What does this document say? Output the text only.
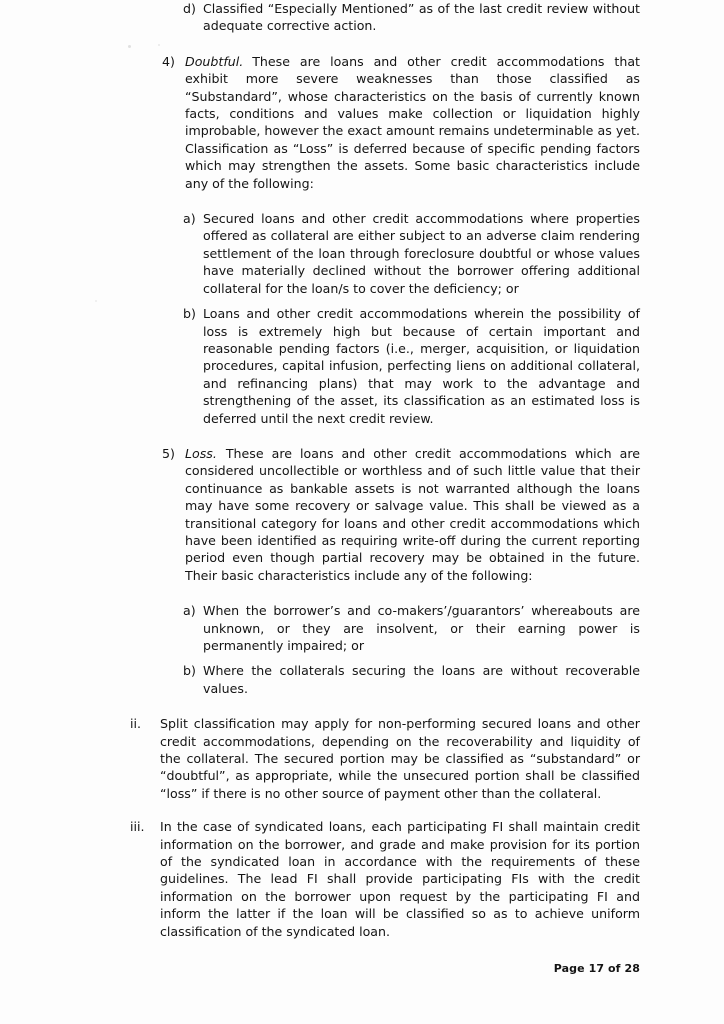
d) Classified “Especially Mentioned” as of the last credit review without adequate corrective action.
4) Doubtful. These are loans and other credit accommodations that exhibit more severe weaknesses than those classified as “Substandard”, whose characteristics on the basis of currently known facts, conditions and values make collection or liquidation highly improbable, however the exact amount remains undeterminable as yet. Classification as “Loss” is deferred because of specific pending factors which may strengthen the assets. Some basic characteristics include any of the following:
a) Secured loans and other credit accommodations where properties offered as collateral are either subject to an adverse claim rendering settlement of the loan through foreclosure doubtful or whose values have materially declined without the borrower offering additional collateral for the loan/s to cover the deficiency; or
b) Loans and other credit accommodations wherein the possibility of loss is extremely high but because of certain important and reasonable pending factors (i.e., merger, acquisition, or liquidation procedures, capital infusion, perfecting liens on additional collateral, and refinancing plans) that may work to the advantage and strengthening of the asset, its classification as an estimated loss is deferred until the next credit review.
5) Loss. These are loans and other credit accommodations which are considered uncollectible or worthless and of such little value that their continuance as bankable assets is not warranted although the loans may have some recovery or salvage value. This shall be viewed as a transitional category for loans and other credit accommodations which have been identified as requiring write-off during the current reporting period even though partial recovery may be obtained in the future. Their basic characteristics include any of the following:
a) When the borrower’s and co-makers’/guarantors’ whereabouts are unknown, or they are insolvent, or their earning power is permanently impaired; or
b) Where the collaterals securing the loans are without recoverable values.
ii.	Split classification may apply for non-performing secured loans and other credit accommodations, depending on the recoverability and liquidity of the collateral. The secured portion may be classified as “substandard” or “doubtful”, as appropriate, while the unsecured portion shall be classified “loss” if there is no other source of payment other than the collateral.
iii.	In the case of syndicated loans, each participating FI shall maintain credit information on the borrower, and grade and make provision for its portion of the syndicated loan in accordance with the requirements of these guidelines. The lead FI shall provide participating FIs with the credit information on the borrower upon request by the participating FI and inform the latter if the loan will be classified so as to achieve uniform classification of the syndicated loan.
Page 17 of 28
